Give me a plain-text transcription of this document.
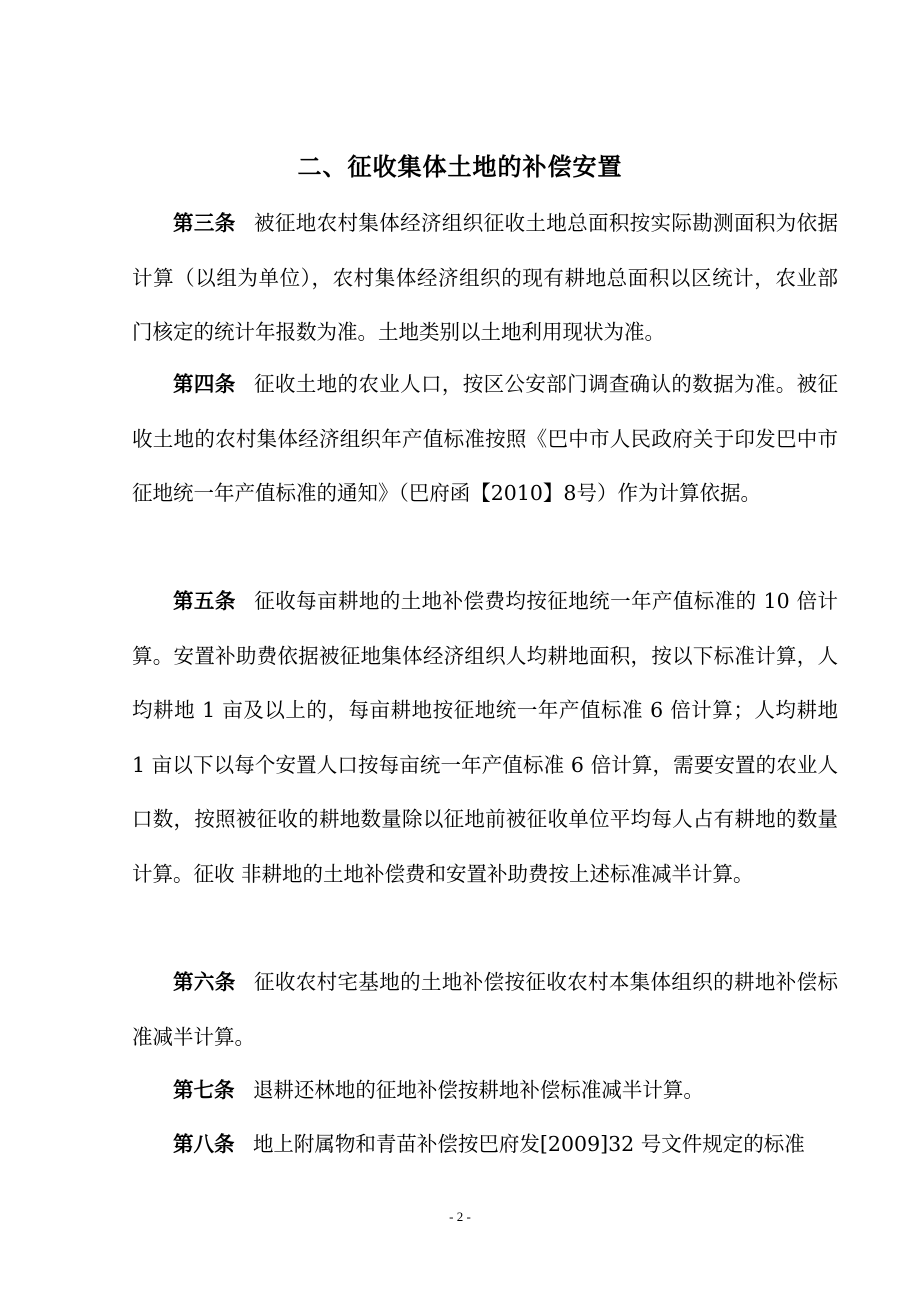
二、征收集体土地的补偿安置

第三条 被征地农村集体经济组织征收土地总面积按实际勘测面积为依据计算（以组为单位），农村集体经济组织的现有耕地总面积以区统计，农业部门核定的统计年报数为准。土地类别以土地利用现状为准。

第四条 征收土地的农业人口，按区公安部门调查确认的数据为准。被征收土地的农村集体经济组织年产值标准按照《巴中市人民政府关于印发巴中市征地统一年产值标准的通知》（巴府函【2010】8号）作为计算依据。

第五条 征收每亩耕地的土地补偿费均按征地统一年产值标准的 10 倍计算。安置补助费依据被征地集体经济组织人均耕地面积，按以下标准计算，人均耕地 1 亩及以上的，每亩耕地按征地统一年产值标准 6 倍计算；人均耕地 1 亩以下以每个安置人口按每亩统一年产值标准 6 倍计算，需要安置的农业人口数，按照被征收的耕地数量除以征地前被征收单位平均每人占有耕地的数量计算。征收 非耕地的土地补偿费和安置补助费按上述标准减半计算。

第六条 征收农村宅基地的土地补偿按征收农村本集体组织的耕地补偿标准减半计算。

第七条 退耕还林地的征地补偿按耕地补偿标准减半计算。

第八条 地上附属物和青苗补偿按巴府发[2009]32 号文件规定的标准

- 2 -
